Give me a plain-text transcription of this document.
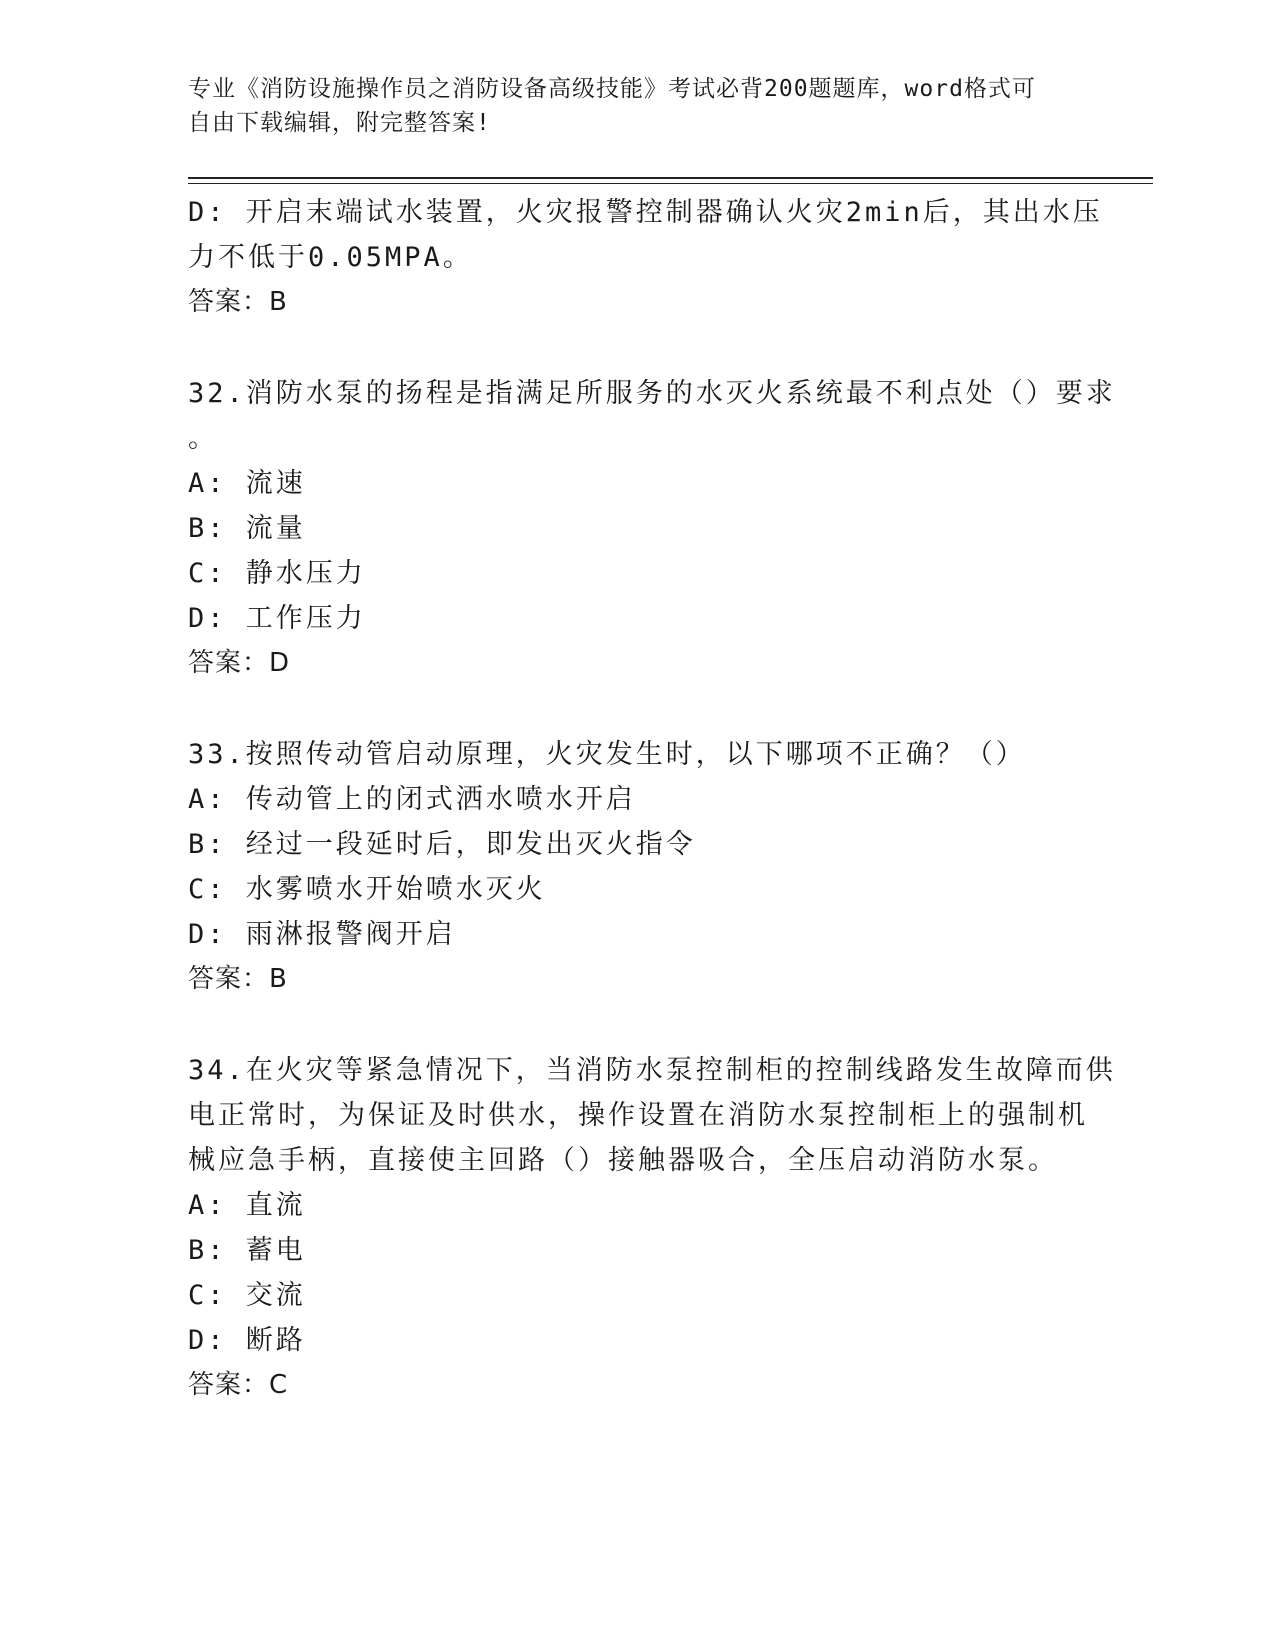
专业《消防设施操作员之消防设备高级技能》考试必背200题题库，word格式可
自由下载编辑，附完整答案!
D: 开启末端试水装置，火灾报警控制器确认火灾2min后，其出水压
力不低于0.05MPA。
答案：B
32.消防水泵的扬程是指满足所服务的水灭火系统最不利点处（）要求
。
A: 流速
B: 流量
C: 静水压力
D: 工作压力
答案：D
33.按照传动管启动原理，火灾发生时，以下哪项不正确？（）
A: 传动管上的闭式洒水喷水开启
B: 经过一段延时后，即发出灭火指令
C: 水雾喷水开始喷水灭火
D: 雨淋报警阀开启
答案：B
34.在火灾等紧急情况下，当消防水泵控制柜的控制线路发生故障而供
电正常时，为保证及时供水，操作设置在消防水泵控制柜上的强制机
械应急手柄，直接使主回路（）接触器吸合，全压启动消防水泵。
A: 直流
B: 蓄电
C: 交流
D: 断路
答案：C
